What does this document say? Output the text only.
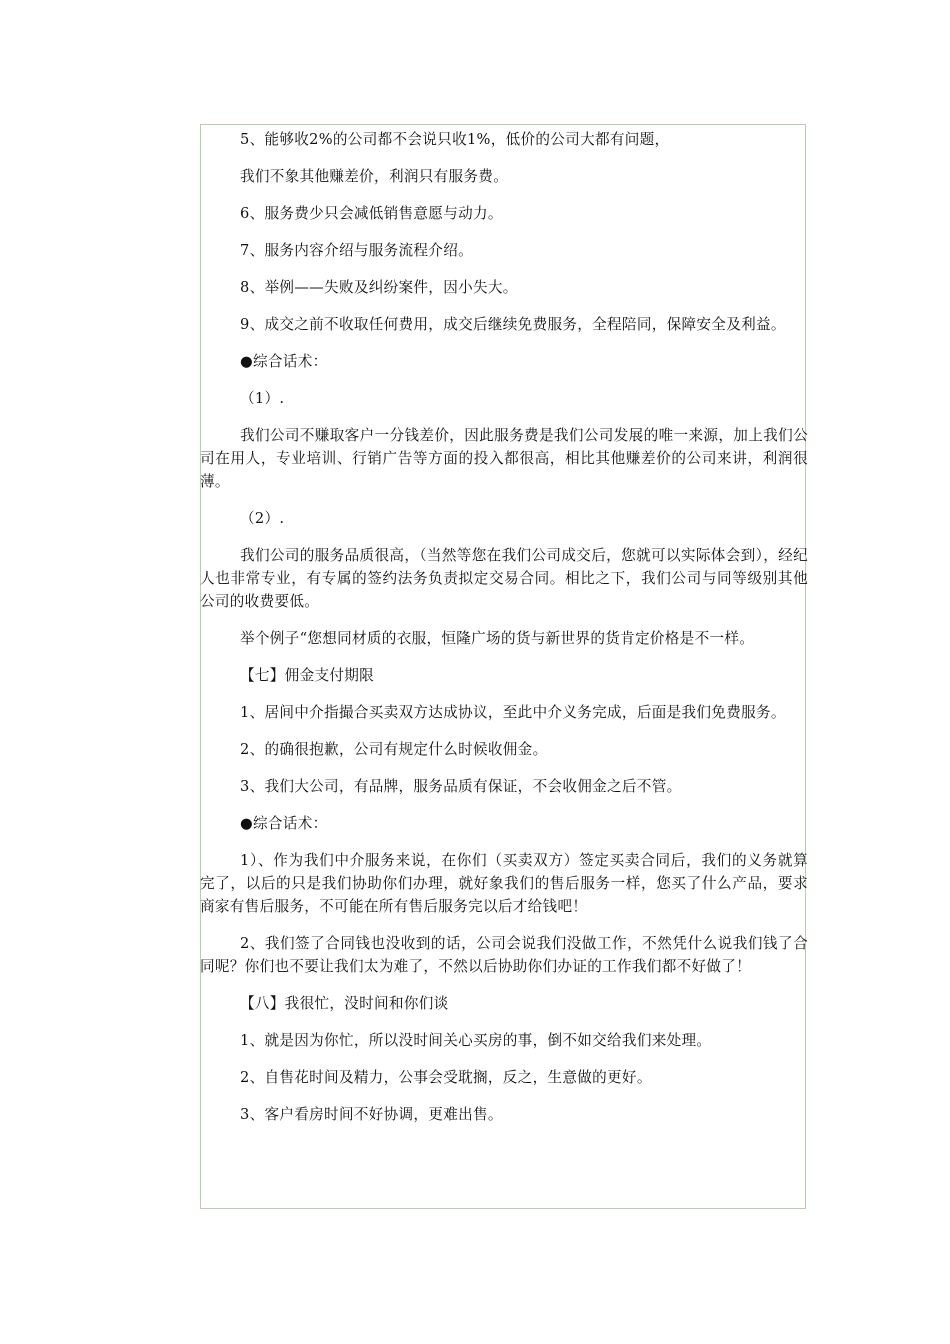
5、能够收2%的公司都不会说只收1%，低价的公司大都有问题，

我们不象其他赚差价，利润只有服务费。

6、服务费少只会减低销售意愿与动力。

7、服务内容介绍与服务流程介绍。

8、举例——失败及纠纷案件，因小失大。

9、成交之前不收取任何费用，成交后继续免费服务，全程陪同，保障安全及利益。

●综合话术：

（1）.

我们公司不赚取客户一分钱差价，因此服务费是我们公司发展的唯一来源，加上我们公司在用人，专业培训、行销广告等方面的投入都很高，相比其他赚差价的公司来讲，利润很薄。

（2）.

我们公司的服务品质很高，（当然等您在我们公司成交后，您就可以实际体会到），经纪人也非常专业，有专属的签约法务负责拟定交易合同。相比之下，我们公司与同等级别其他公司的收费要低。

举个例子“您想同材质的衣服，恒隆广场的货与新世界的货肯定价格是不一样。

【七】佣金支付期限

1、居间中介指撮合买卖双方达成协议，至此中介义务完成，后面是我们免费服务。

2、的确很抱歉，公司有规定什么时候收佣金。

3、我们大公司，有品牌，服务品质有保证，不会收佣金之后不管。

●综合话术：

1）、作为我们中介服务来说，在你们（买卖双方）签定买卖合同后，我们的义务就算完了，以后的只是我们协助你们办理，就好象我们的售后服务一样，您买了什么产品，要求商家有售后服务，不可能在所有售后服务完以后才给钱吧！

2、我们签了合同钱也没收到的话，公司会说我们没做工作，不然凭什么说我们钱了合同呢？你们也不要让我们太为难了，不然以后协助你们办证的工作我们都不好做了！

【八】我很忙，没时间和你们谈

1、就是因为你忙，所以没时间关心买房的事，倒不如交给我们来处理。

2、自售花时间及精力，公事会受耽搁，反之，生意做的更好。

3、客户看房时间不好协调，更难出售。
